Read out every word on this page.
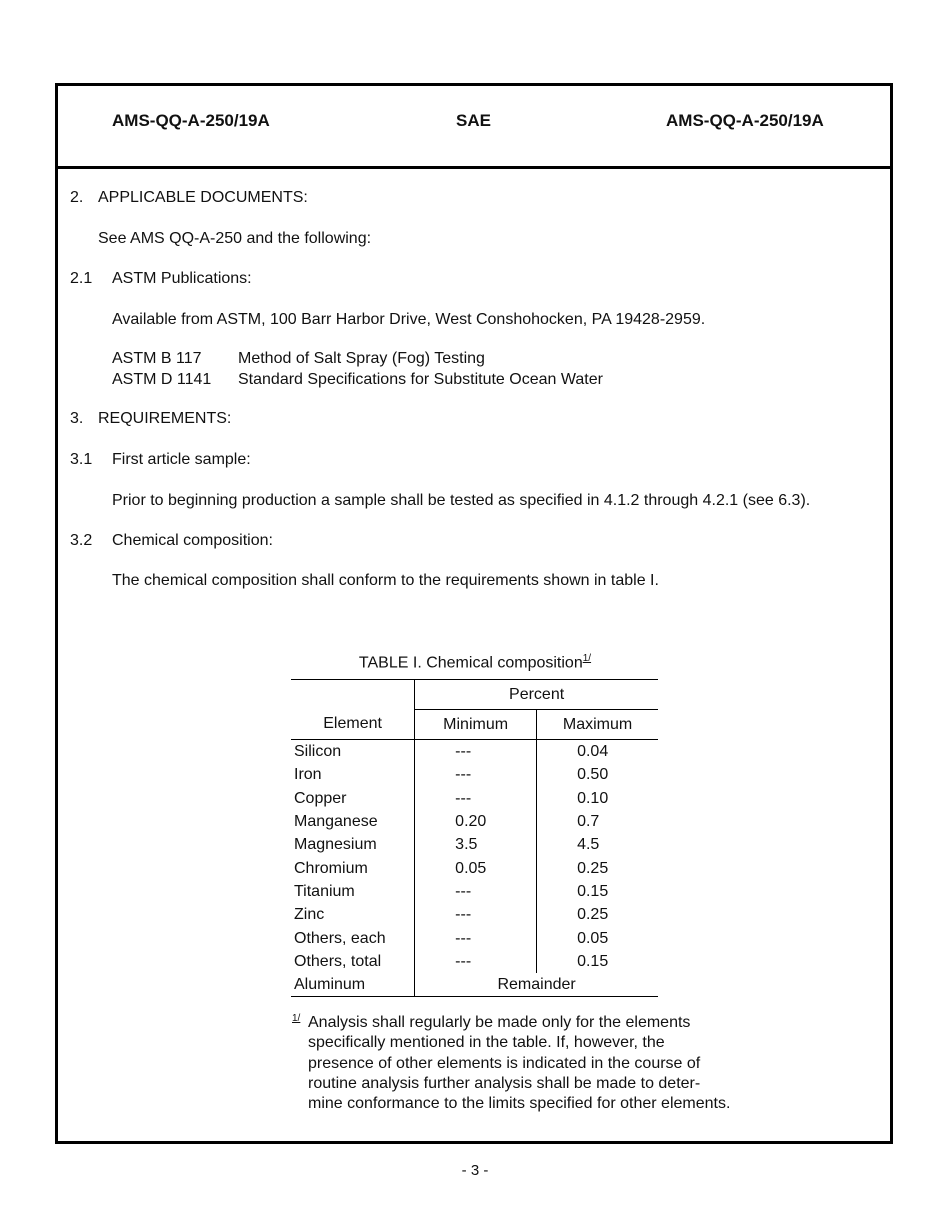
AMS-QQ-A-250/19A	SAE	AMS-QQ-A-250/19A
2. APPLICABLE DOCUMENTS:
See AMS QQ-A-250 and the following:
2.1 ASTM Publications:
Available from ASTM, 100 Barr Harbor Drive, West Conshohocken, PA 19428-2959.
ASTM B 117 Method of Salt Spray (Fog) Testing
ASTM D 1141 Standard Specifications for Substitute Ocean Water
3. REQUIREMENTS:
3.1 First article sample:
Prior to beginning production a sample shall be tested as specified in 4.1.2 through 4.2.1 (see 6.3).
3.2 Chemical composition:
The chemical composition shall conform to the requirements shown in table I.
TABLE I. Chemical composition$^{1/}$
	Percent	
Element	Minimum	Maximum
Silicon	---	0.04
Iron	---	0.50
Copper	---	0.10
Manganese	0.20	0.7
Magnesium	3.5	4.5
Chromium	0.05	0.25
Titanium	---	0.15
Zinc	---	0.25
Others, each	---	0.05
Others, total	---	0.15
Aluminum	Remainder	
1/ Analysis shall regularly be made only for the elements
specifically mentioned in the table. If, however, the
presence of other elements is indicated in the course of
routine analysis further analysis shall be made to deter-
mine conformance to the limits specified for other elements.
- 3 -
